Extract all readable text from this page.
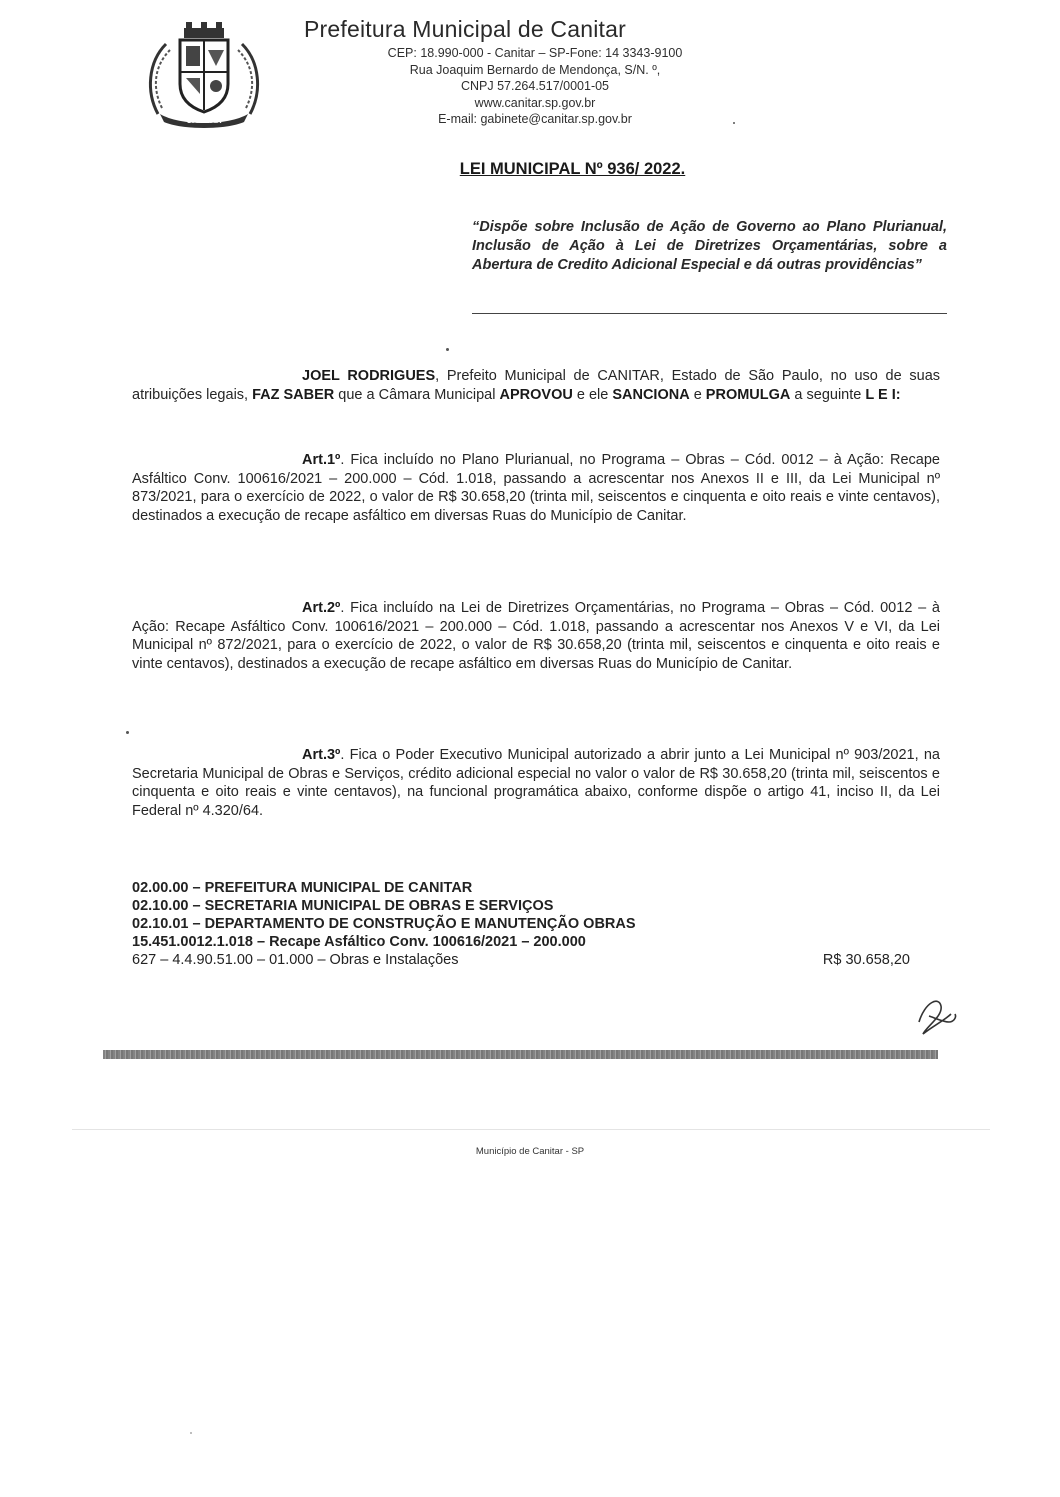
CANITAR
Prefeitura Municipal de Canitar
CEP: 18.990-000 - Canitar – SP-Fone: 14 3343-9100
Rua Joaquim Bernardo de Mendonça, S/N. º,
CNPJ 57.264.517/0001-05
www.canitar.sp.gov.br
E-mail: gabinete@canitar.sp.gov.br
LEI MUNICIPAL Nº 936/ 2022.
“Dispõe sobre Inclusão de Ação de Governo ao Plano Plurianual, Inclusão de Ação à Lei de Diretrizes Orçamentárias, sobre a Abertura de Credito Adicional Especial e dá outras providências”

JOEL RODRIGUES, Prefeito Municipal de CANITAR, Estado de São Paulo, no uso de suas atribuições legais, FAZ SABER que a Câmara Municipal APROVOU e ele SANCIONA e PROMULGA a seguinte L E I:

Art.1º. Fica incluído no Plano Plurianual, no Programa – Obras – Cód. 0012 – à Ação: Recape Asfáltico Conv. 100616/2021 – 200.000 – Cód. 1.018, passando a acrescentar nos Anexos II e III, da Lei Municipal nº 873/2021, para o exercício de 2022, o valor de R$ 30.658,20 (trinta mil, seiscentos e cinquenta e oito reais e vinte centavos), destinados a execução de recape asfáltico em diversas Ruas do Município de Canitar.

Art.2º. Fica incluído na Lei de Diretrizes Orçamentárias, no Programa – Obras – Cód. 0012 – à Ação: Recape Asfáltico Conv. 100616/2021 – 200.000 – Cód. 1.018, passando a acrescentar nos Anexos V e VI, da Lei Municipal nº 872/2021, para o exercício de 2022, o valor de R$ 30.658,20 (trinta mil, seiscentos e cinquenta e oito reais e vinte centavos), destinados a execução de recape asfáltico em diversas Ruas do Município de Canitar.

Art.3º. Fica o Poder Executivo Municipal autorizado a abrir junto a Lei Municipal nº 903/2021, na Secretaria Municipal de Obras e Serviços, crédito adicional especial no valor o valor de R$ 30.658,20 (trinta mil, seiscentos e cinquenta e oito reais e vinte centavos), na funcional programática abaixo, conforme dispõe o artigo 41, inciso II, da Lei Federal nº 4.320/64.

02.00.00 – PREFEITURA MUNICIPAL DE CANITAR
02.10.00 – SECRETARIA MUNICIPAL DE OBRAS E SERVIÇOS
02.10.01 – DEPARTAMENTO DE CONSTRUÇÃO E MANUTENÇÃO OBRAS
15.451.0012.1.018 – Recape Asfáltico Conv. 100616/2021 – 200.000
627 – 4.4.90.51.00 – 01.000 – Obras e Instalações	R$ 30.658,20
Município de Canitar - SP
